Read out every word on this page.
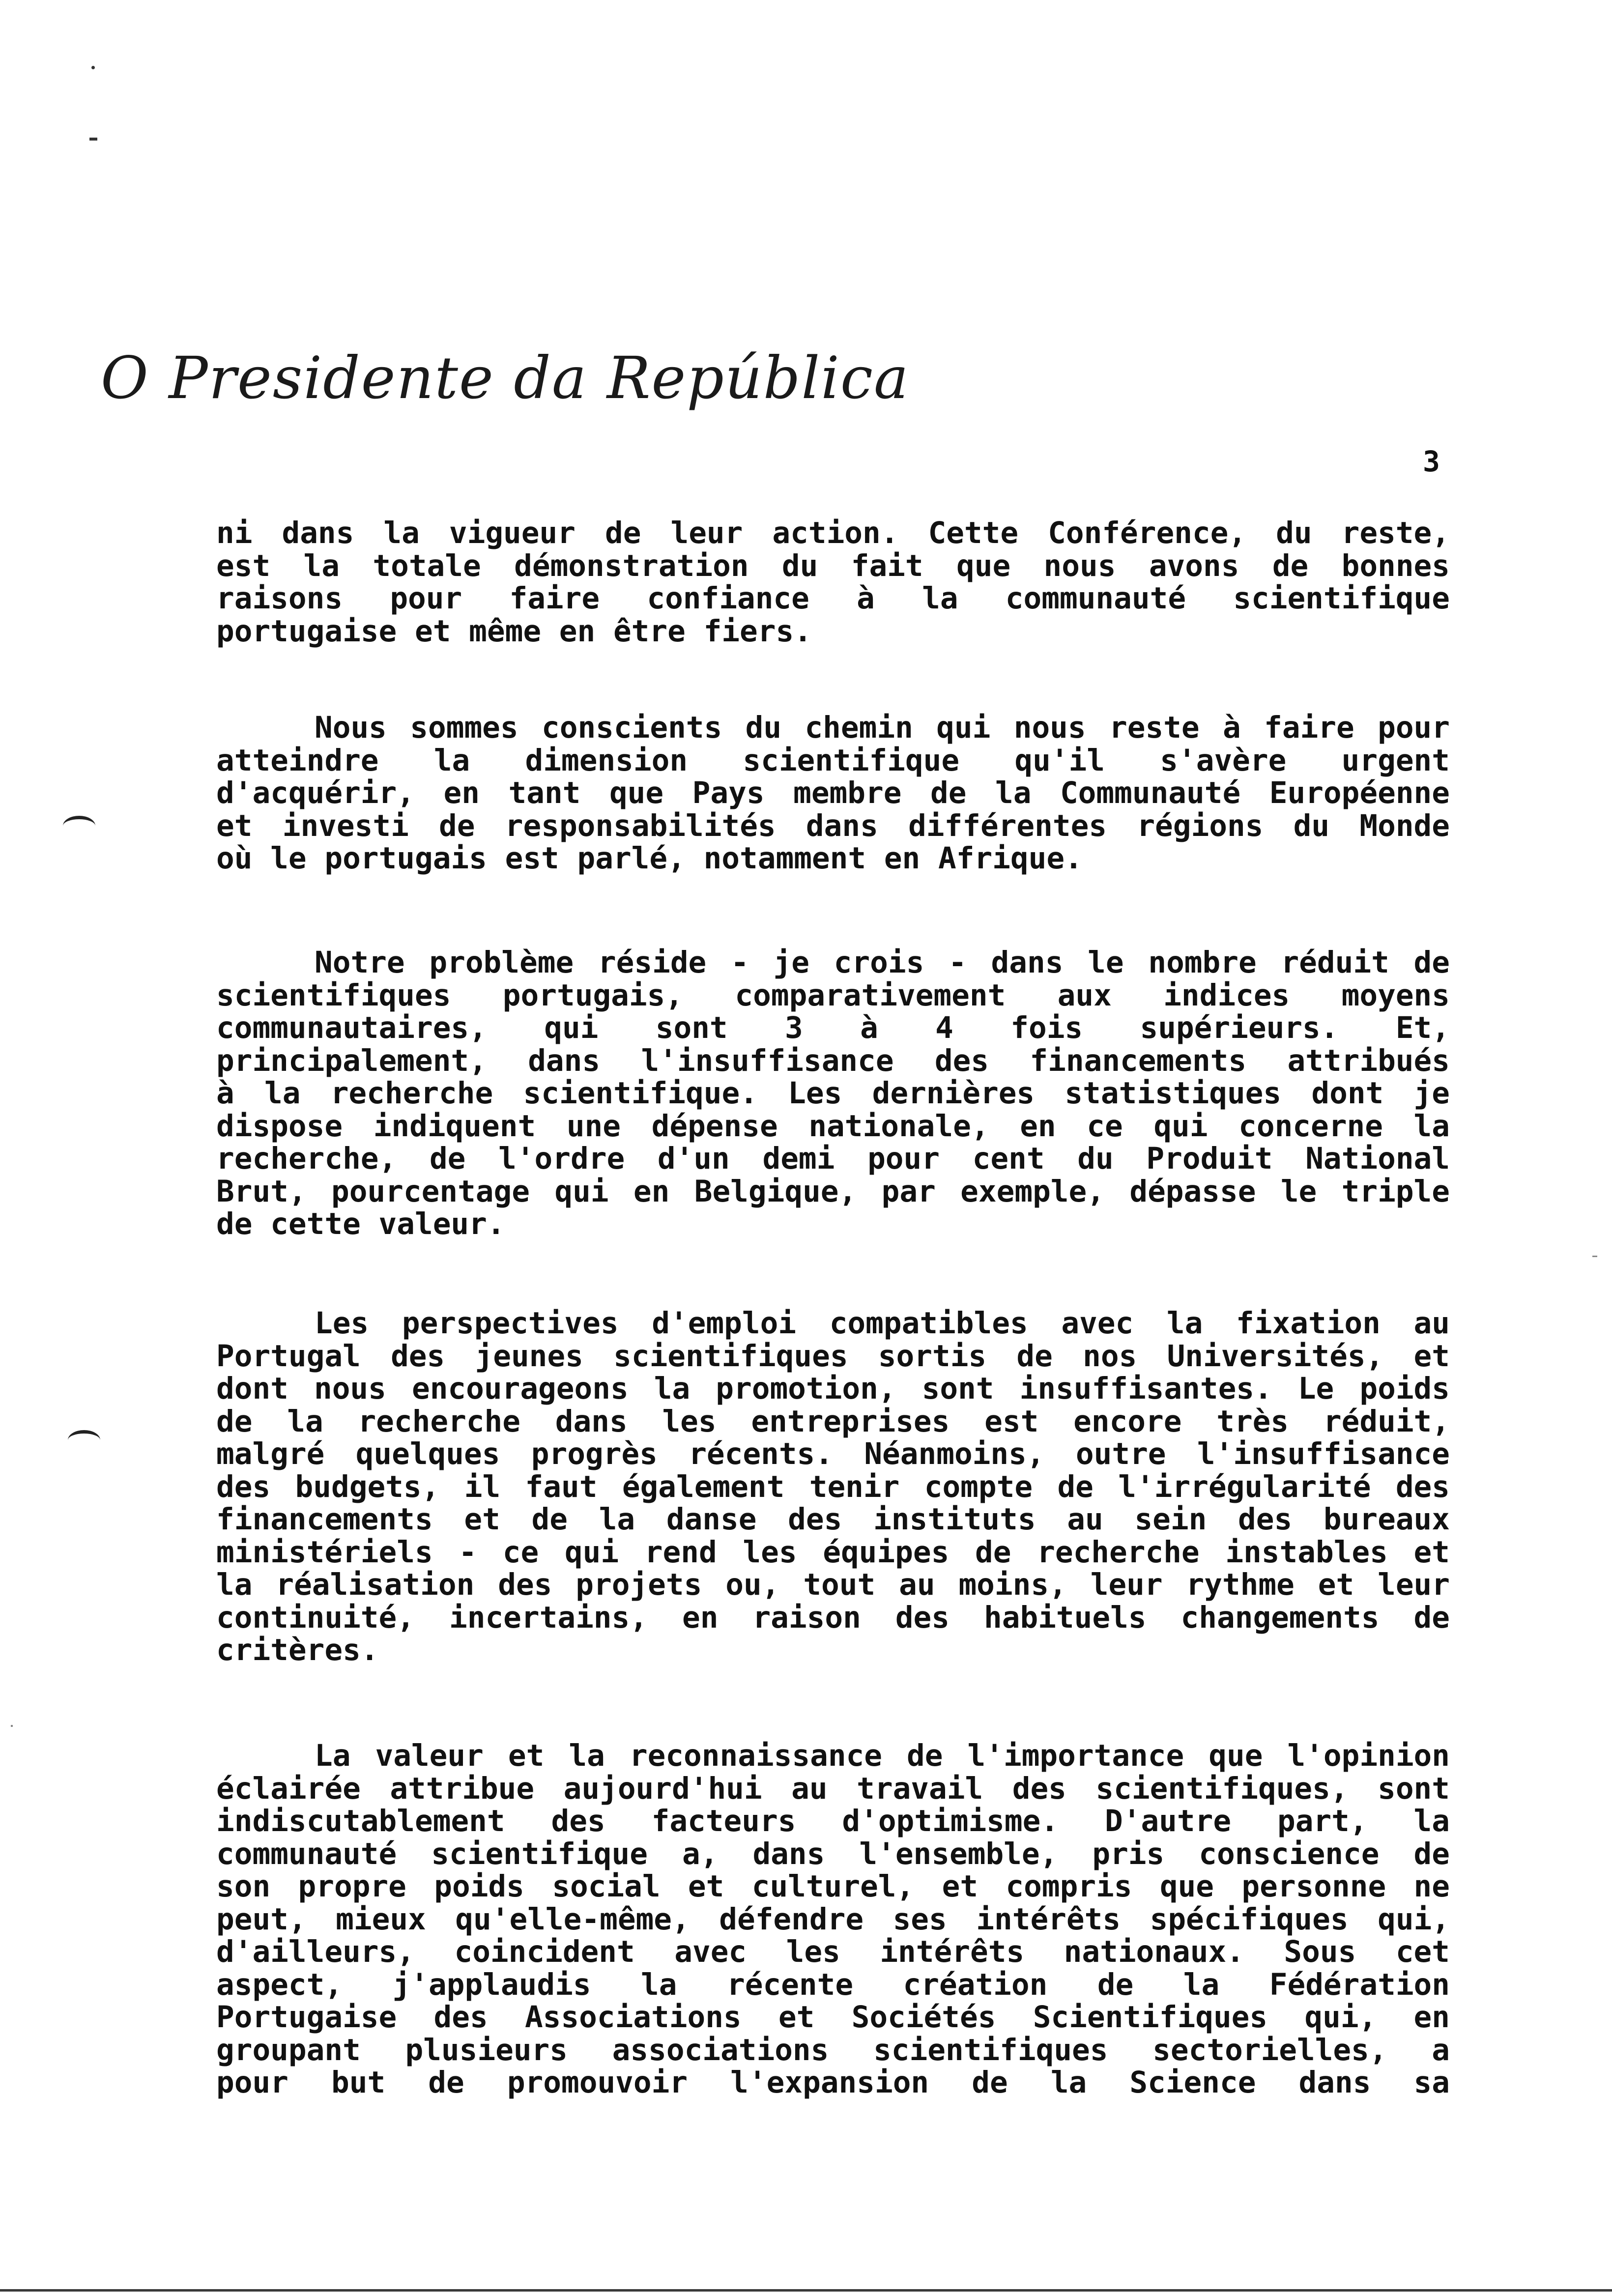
O Presidente da República
3
ni dans la vigueur de leur action. Cette Conférence, du reste,
est la totale démonstration du fait que nous avons de bonnes
raisons pour faire confiance à la communauté scientifique
portugaise et même en être fiers.
Nous sommes conscients du chemin qui nous reste à faire pour
atteindre la dimension scientifique qu'il s'avère urgent
d'acquérir, en tant que Pays membre de la Communauté Européenne
et investi de responsabilités dans différentes régions du Monde
où le portugais est parlé, notamment en Afrique.
Notre problème réside - je crois - dans le nombre réduit de
scientifiques portugais, comparativement aux indices moyens
communautaires, qui sont 3 à 4 fois supérieurs. Et,
principalement, dans l'insuffisance des financements attribués
à la recherche scientifique. Les dernières statistiques dont je
dispose indiquent une dépense nationale, en ce qui concerne la
recherche, de l'ordre d'un demi pour cent du Produit National
Brut, pourcentage qui en Belgique, par exemple, dépasse le triple
de cette valeur.
Les perspectives d'emploi compatibles avec la fixation au
Portugal des jeunes scientifiques sortis de nos Universités, et
dont nous encourageons la promotion, sont insuffisantes. Le poids
de la recherche dans les entreprises est encore très réduit,
malgré quelques progrès récents. Néanmoins, outre l'insuffisance
des budgets, il faut également tenir compte de l'irrégularité des
financements et de la danse des instituts au sein des bureaux
ministériels - ce qui rend les équipes de recherche instables et
la réalisation des projets ou, tout au moins, leur rythme et leur
continuité, incertains, en raison des habituels changements de
critères.
La valeur et la reconnaissance de l'importance que l'opinion
éclairée attribue aujourd'hui au travail des scientifiques, sont
indiscutablement des facteurs d'optimisme. D'autre part, la
communauté scientifique a, dans l'ensemble, pris conscience de
son propre poids social et culturel, et compris que personne ne
peut, mieux qu'elle-même, défendre ses intérêts spécifiques qui,
d'ailleurs, coincident avec les intérêts nationaux. Sous cet
aspect, j'applaudis la récente création de la Fédération
Portugaise des Associations et Sociétés Scientifiques qui, en
groupant plusieurs associations scientifiques sectorielles, a
pour but de promouvoir l'expansion de la Science dans sa
